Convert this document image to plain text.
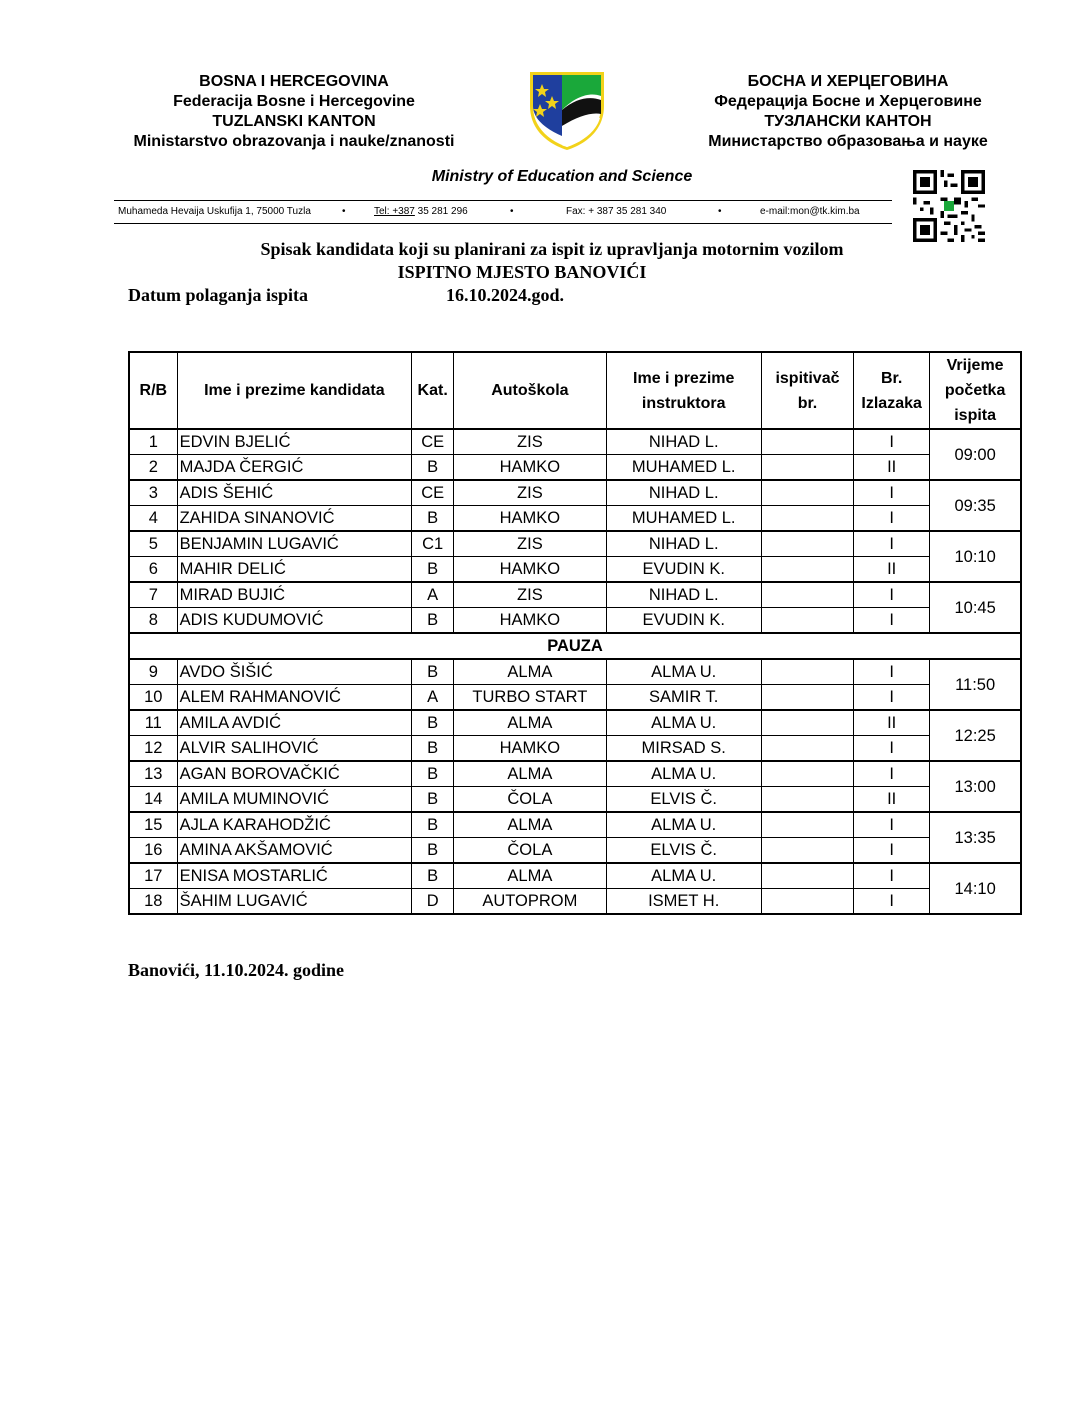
BOSNA I HERCEGOVINA
Federacija Bosne i Hercegovine
TUZLANSKI KANTON
Ministarstvo obrazovanja i nauke/znanosti
БОСНА И ХЕРЦЕГОВИНА
Федерација Босне и Херцеговине
ТУЗЛАНСКИ КАНТОН
Министарство образовања и науке
Ministry of Education and Science
Muhameda Hevaija Uskufija 1, 75000 Tuzla	•	Tel: +387 35 281 296	•	Fax: + 387 35 281 340	•	e-mail:mon@tk.kim.ba
Spisak kandidata koji su planirani za ispit iz upravljanja motornim vozilom
ISPITNO MJESTO BANOVIĆI
Datum polaganja ispita	16.10.2024.god.
R/B	Ime i prezime kandidata	Kat.	Autoškola	Ime i prezime instruktora	ispitivač br.	Br. Izlazaka	Vrijeme početka ispita
1	EDVIN BJELIĆ	CE	ZIS	NIHAD L.		I	09:00
2	MAJDA ČERGIĆ	B	HAMKO	MUHAMED L.		II	
3	ADIS ŠEHIĆ	CE	ZIS	NIHAD L.		I	09:35
4	ZAHIDA SINANOVIĆ	B	HAMKO	MUHAMED L.		I	
5	BENJAMIN LUGAVIĆ	C1	ZIS	NIHAD L.		I	10:10
6	MAHIR DELIĆ	B	HAMKO	EVUDIN K.		II	
7	MIRAD BUJIĆ	A	ZIS	NIHAD L.		I	10:45
8	ADIS KUDUMOVIĆ	B	HAMKO	EVUDIN K.		I	
PAUZA							
9	AVDO ŠIŠIĆ	B	ALMA	ALMA U.		I	11:50
10	ALEM RAHMANOVIĆ	A	TURBO START	SAMIR T.		I	
11	AMILA AVDIĆ	B	ALMA	ALMA U.		II	12:25
12	ALVIR SALIHOVIĆ	B	HAMKO	MIRSAD S.		I	
13	AGAN BOROVAČKIĆ	B	ALMA	ALMA U.		I	13:00
14	AMILA MUMINOVIĆ	B	ČOLA	ELVIS Č.		II	
15	AJLA KARAHODŽIĆ	B	ALMA	ALMA U.		I	13:35
16	AMINA AKŠAMOVIĆ	B	ČOLA	ELVIS Č.		I	
17	ENISA MOSTARLIĆ	B	ALMA	ALMA U.		I	14:10
18	ŠAHIM LUGAVIĆ	D	AUTOPROM	ISMET H.		I	
Banovići, 11.10.2024. godine
